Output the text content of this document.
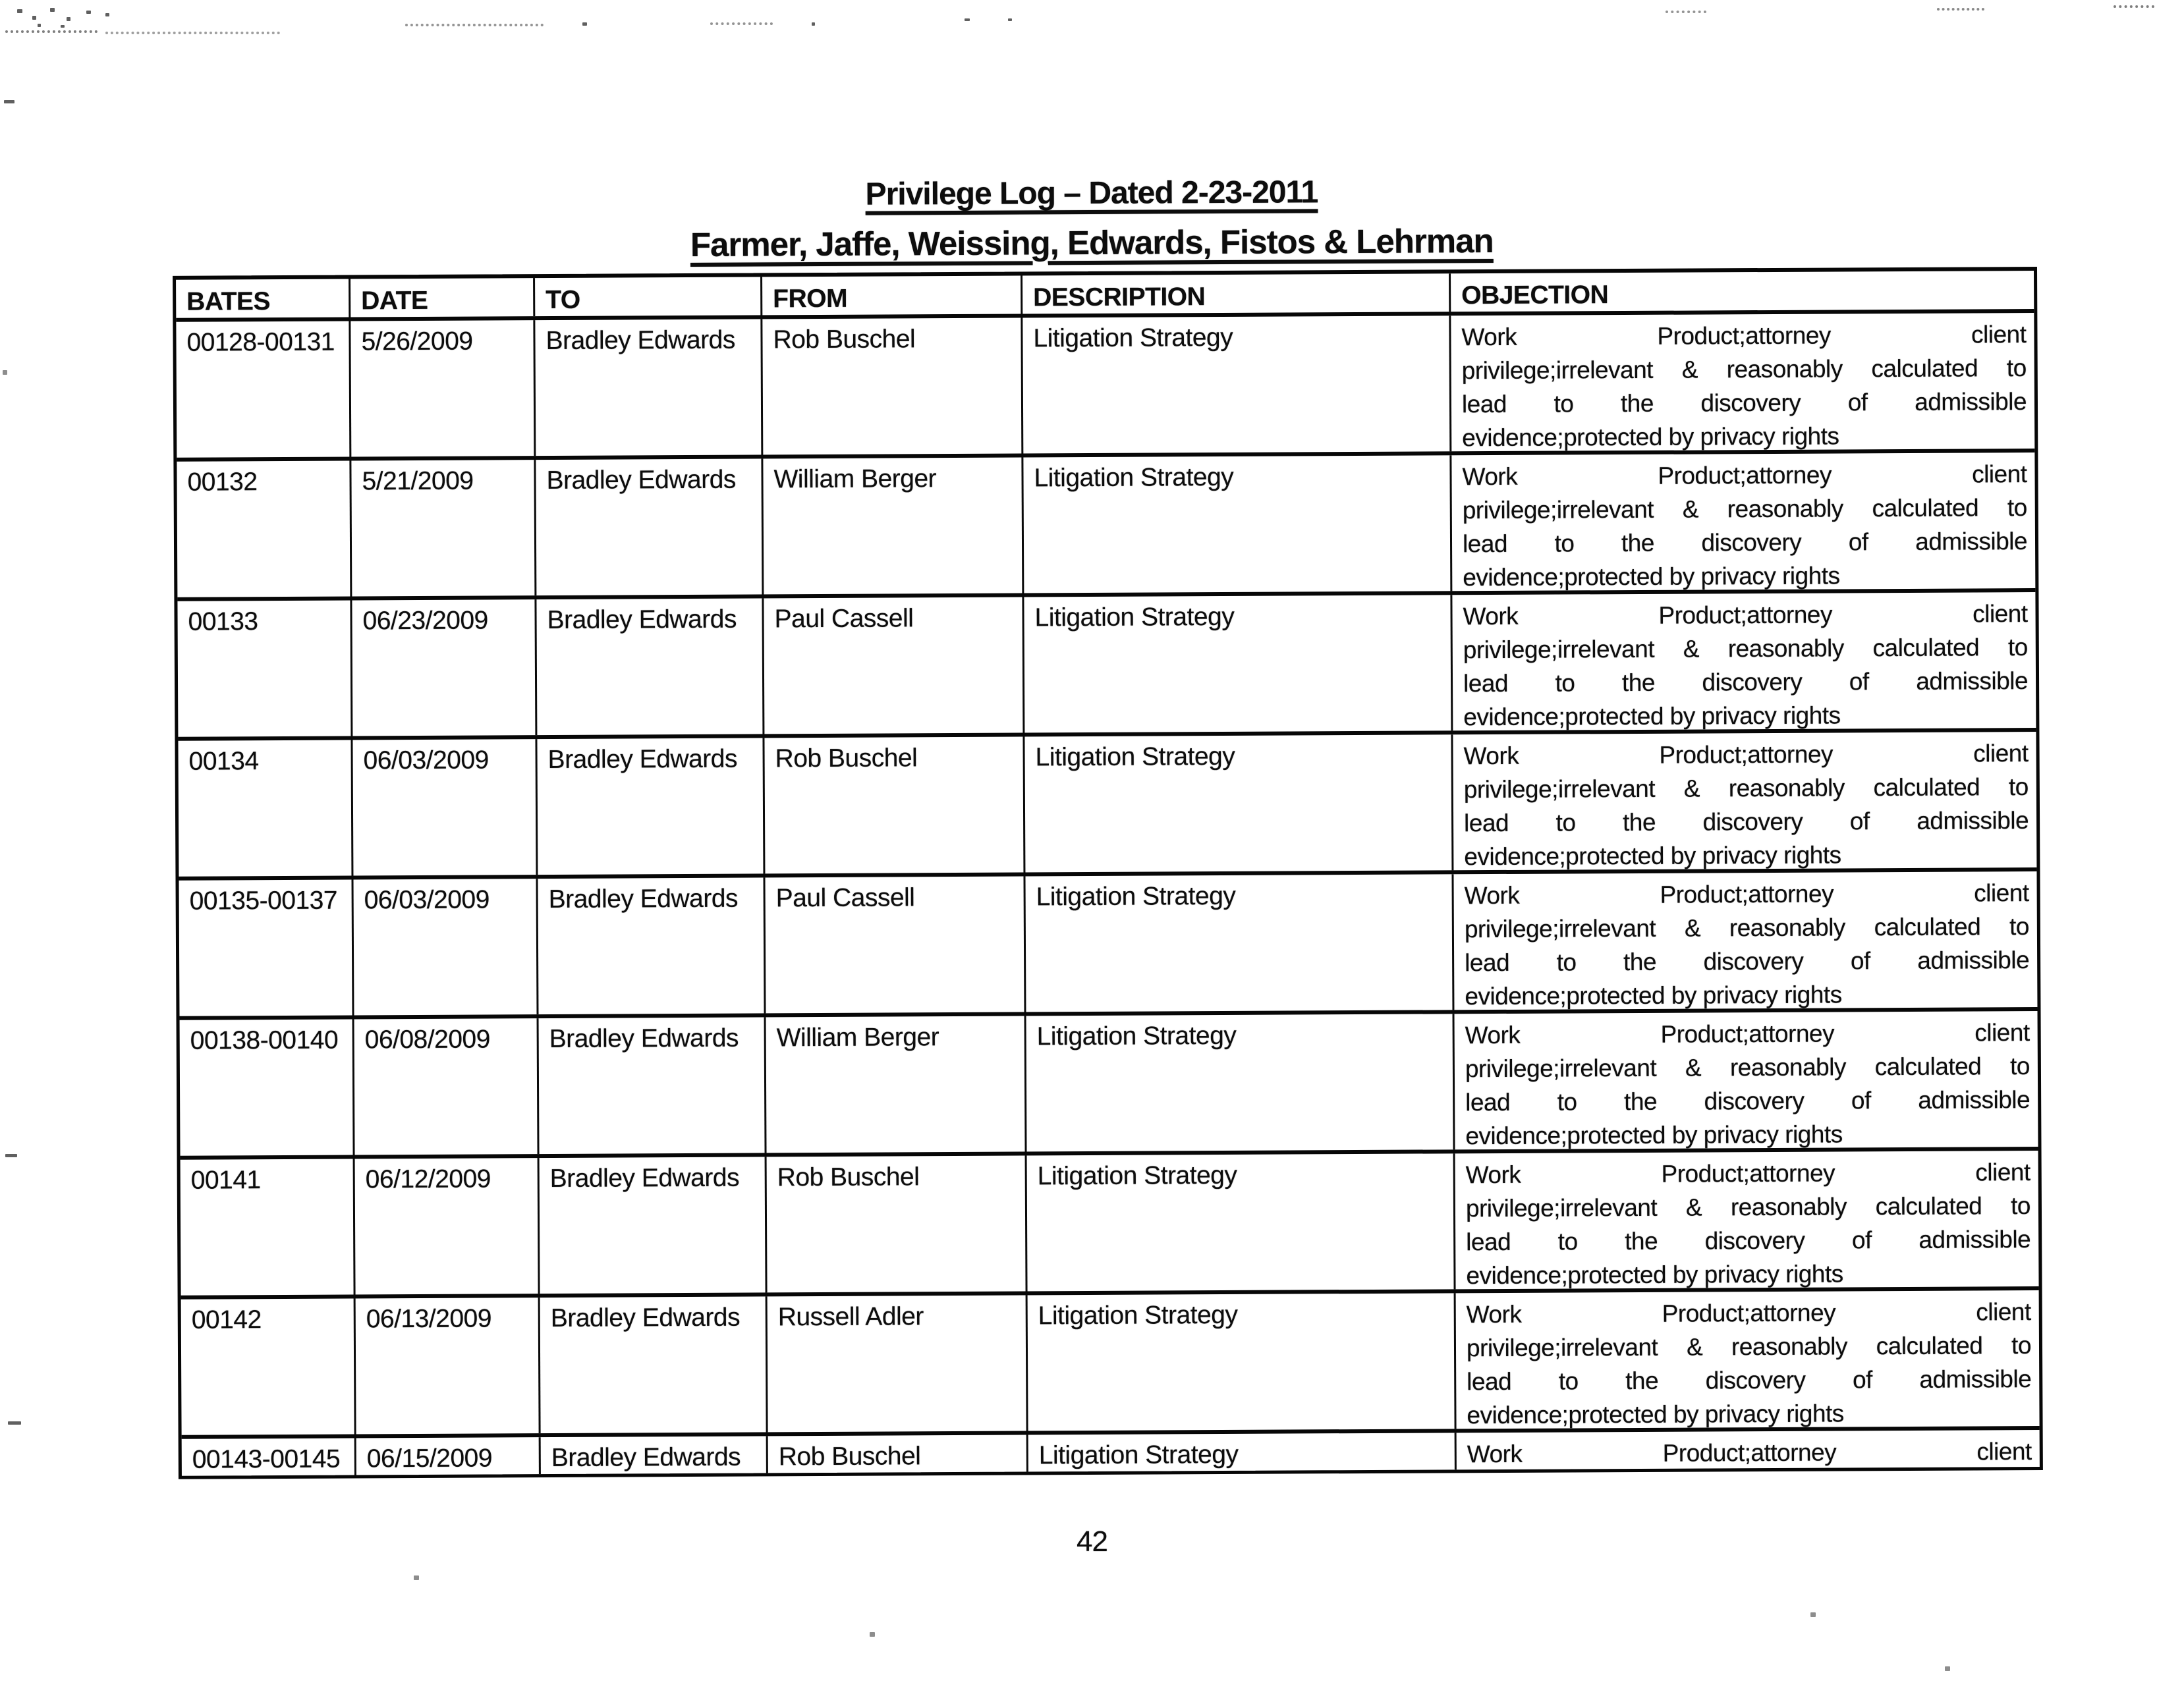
Privilege Log – Dated 2-23-2011
Farmer, Jaffe, Weissing, Edwards, Fistos & Lehrman
BATES	DATE	TO	FROM	DESCRIPTION	OBJECTION
00128-00131	5/26/2009	Bradley Edwards	Rob Buschel	Litigation Strategy	Work Product;attorney client
privilege;irrelevant & reasonably calculated to
lead to the discovery of admissible
evidence;protected by privacy rights
00132	5/21/2009	Bradley Edwards	William Berger	Litigation Strategy	Work Product;attorney client
privilege;irrelevant & reasonably calculated to
lead to the discovery of admissible
evidence;protected by privacy rights
00133	06/23/2009	Bradley Edwards	Paul Cassell	Litigation Strategy	Work Product;attorney client
privilege;irrelevant & reasonably calculated to
lead to the discovery of admissible
evidence;protected by privacy rights
00134	06/03/2009	Bradley Edwards	Rob Buschel	Litigation Strategy	Work Product;attorney client
privilege;irrelevant & reasonably calculated to
lead to the discovery of admissible
evidence;protected by privacy rights
00135-00137	06/03/2009	Bradley Edwards	Paul Cassell	Litigation Strategy	Work Product;attorney client
privilege;irrelevant & reasonably calculated to
lead to the discovery of admissible
evidence;protected by privacy rights
00138-00140	06/08/2009	Bradley Edwards	William Berger	Litigation Strategy	Work Product;attorney client
privilege;irrelevant & reasonably calculated to
lead to the discovery of admissible
evidence;protected by privacy rights
00141	06/12/2009	Bradley Edwards	Rob Buschel	Litigation Strategy	Work Product;attorney client
privilege;irrelevant & reasonably calculated to
lead to the discovery of admissible
evidence;protected by privacy rights
00142	06/13/2009	Bradley Edwards	Russell Adler	Litigation Strategy	Work Product;attorney client
privilege;irrelevant & reasonably calculated to
lead to the discovery of admissible
evidence;protected by privacy rights
00143-00145	06/15/2009	Bradley Edwards	Rob Buschel	Litigation Strategy	Work Product;attorney client
42
